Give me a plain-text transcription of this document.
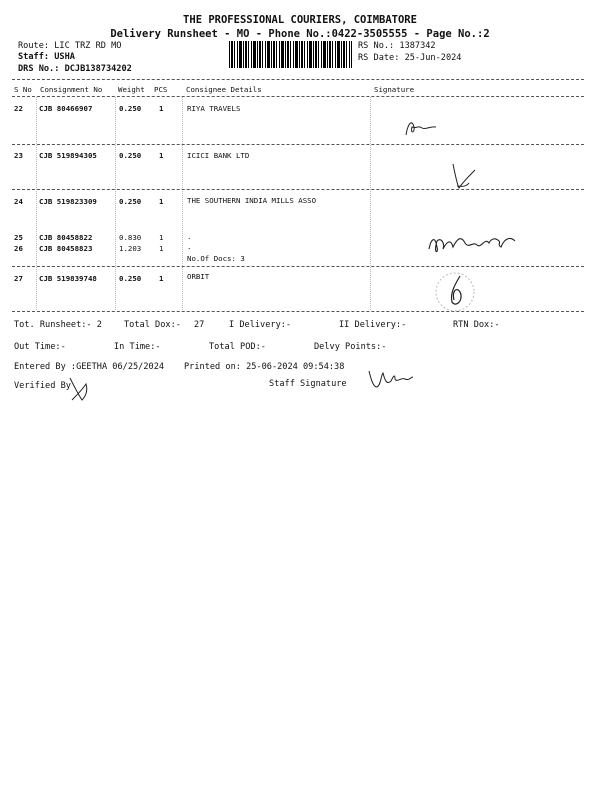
THE PROFESSIONAL COURIERS, COIMBATORE
Delivery Runsheet - MO - Phone No.:0422-3505555 - Page No.:2
Route: LIC TRZ RD MO
Staff: USHA
DRS No.: DCJB138734202
RS No.: 1387342
RS Date: 25-Jun-2024
S No Consignment No Weight PCS	Consignee Details	Signature
22 CJB 80466907	0.250 1	RIYA TRAVELS
23 CJB 519894305	0.250 1	ICICI BANK LTD
24 CJB 519823309	0.250 1	THE SOUTHERN INDIA MILLS ASSO
25 CJB 80458822	0.830 1	.
26 CJB 80458823	1.203 1	.
No.Of Docs: 3
27 CJB 519839748	0.250 1	ORBIT
Tot. Runsheet:- 2	Total Dox:- 27	I Delivery:-	II Delivery:-	RTN Dox:-
Out Time:-	In Time:-	Total POD:-	Delvy Points:-
Entered By :GEETHA 06/25/2024 Printed on: 25-06-2024 09:54:38
Verified By	Staff Signature
